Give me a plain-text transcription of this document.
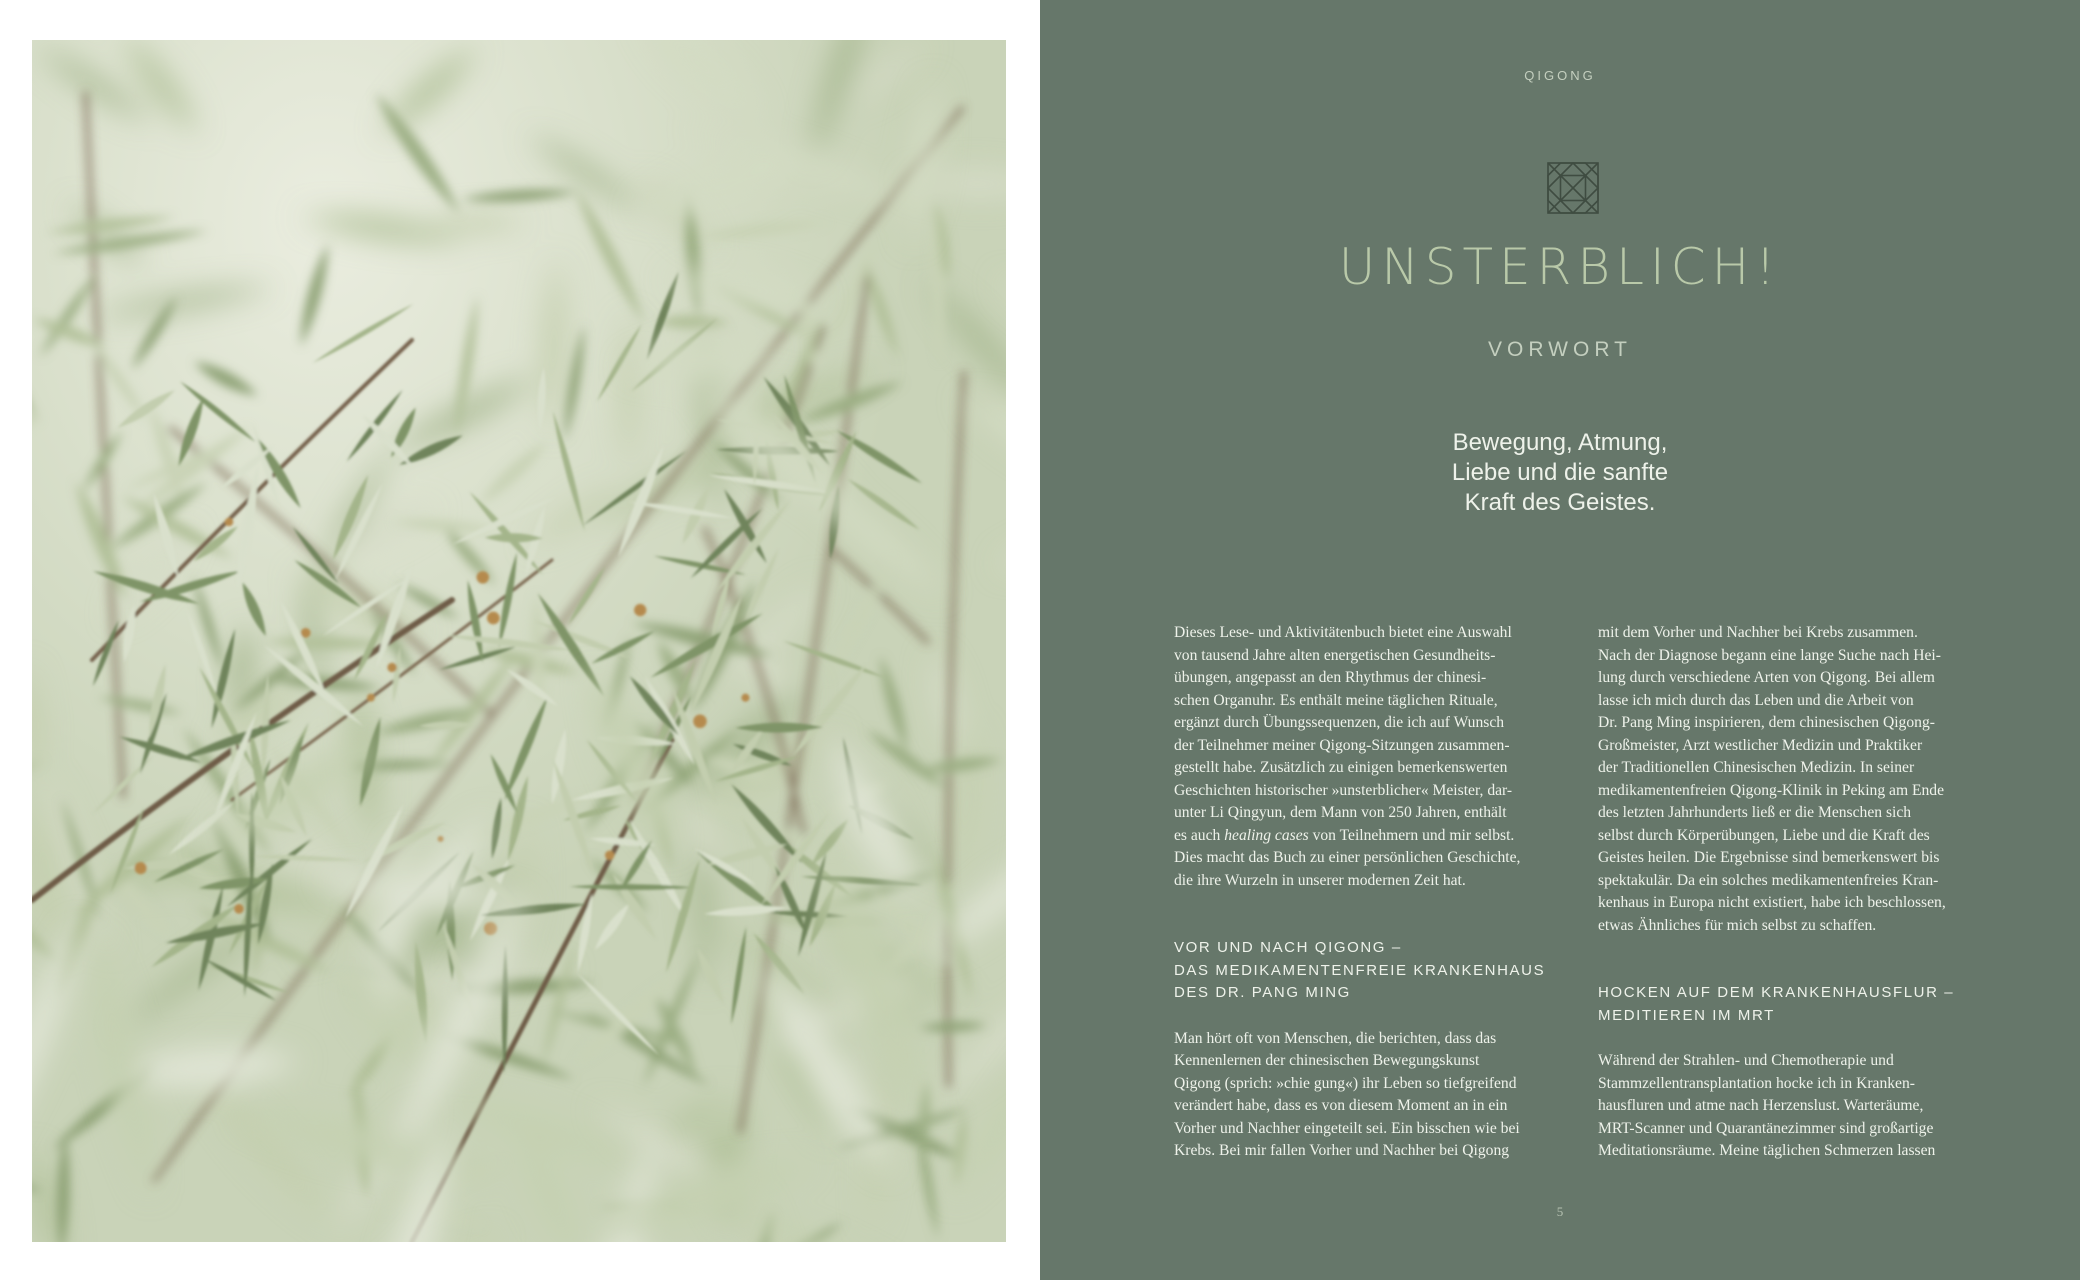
QIGONG
UNSTERBLICH!
VORWORT
Bewegung, Atmung,
Liebe und die sanfte
Kraft des Geistes.
Dieses Lese- und Aktivitätenbuch bietet eine Auswahl
von tausend Jahre alten energetischen Gesundheits-
übungen, angepasst an den Rhythmus der chinesi-
schen Organuhr. Es enthält meine täglichen Rituale,
ergänzt durch Übungssequenzen, die ich auf Wunsch
der Teilnehmer meiner Qigong-Sitzungen zusammen-
gestellt habe. Zusätzlich zu einigen bemerkenswerten
Geschichten historischer »unsterblicher« Meister, dar-
unter Li Qingyun, dem Mann von 250 Jahren, enthält
es auch healing cases von Teilnehmern und mir selbst.
Dies macht das Buch zu einer persönlichen Geschichte,
die ihre Wurzeln in unserer modernen Zeit hat.
VOR UND NACH QIGONG –
DAS MEDIKAMENTENFREIE KRANKENHAUS
DES DR. PANG MING
Man hört oft von Menschen, die berichten, dass das
Kennenlernen der chinesischen Bewegungskunst
Qigong (sprich: »chie gung«) ihr Leben so tiefgreifend
verändert habe, dass es von diesem Moment an in ein
Vorher und Nachher eingeteilt sei. Ein bisschen wie bei
Krebs. Bei mir fallen Vorher und Nachher bei Qigong
mit dem Vorher und Nachher bei Krebs zusammen.
Nach der Diagnose begann eine lange Suche nach Hei-
lung durch verschiedene Arten von Qigong. Bei allem
lasse ich mich durch das Leben und die Arbeit von
Dr. Pang Ming inspirieren, dem chinesischen Qigong-
Großmeister, Arzt westlicher Medizin und Praktiker
der Traditionellen Chinesischen Medizin. In seiner
medikamentenfreien Qigong-Klinik in Peking am Ende
des letzten Jahrhunderts ließ er die Menschen sich
selbst durch Körperübungen, Liebe und die Kraft des
Geistes heilen. Die Ergebnisse sind bemerkenswert bis
spektakulär. Da ein solches medikamentenfreies Kran-
kenhaus in Europa nicht existiert, habe ich beschlossen,
etwas Ähnliches für mich selbst zu schaffen.
HOCKEN AUF DEM KRANKENHAUSFLUR –
MEDITIEREN IM MRT
Während der Strahlen- und Chemotherapie und
Stammzellentransplantation hocke ich in Kranken-
hausfluren und atme nach Herzenslust. Warteräume,
MRT-Scanner und Quarantänezimmer sind großartige
Meditationsräume. Meine täglichen Schmerzen lassen
5
